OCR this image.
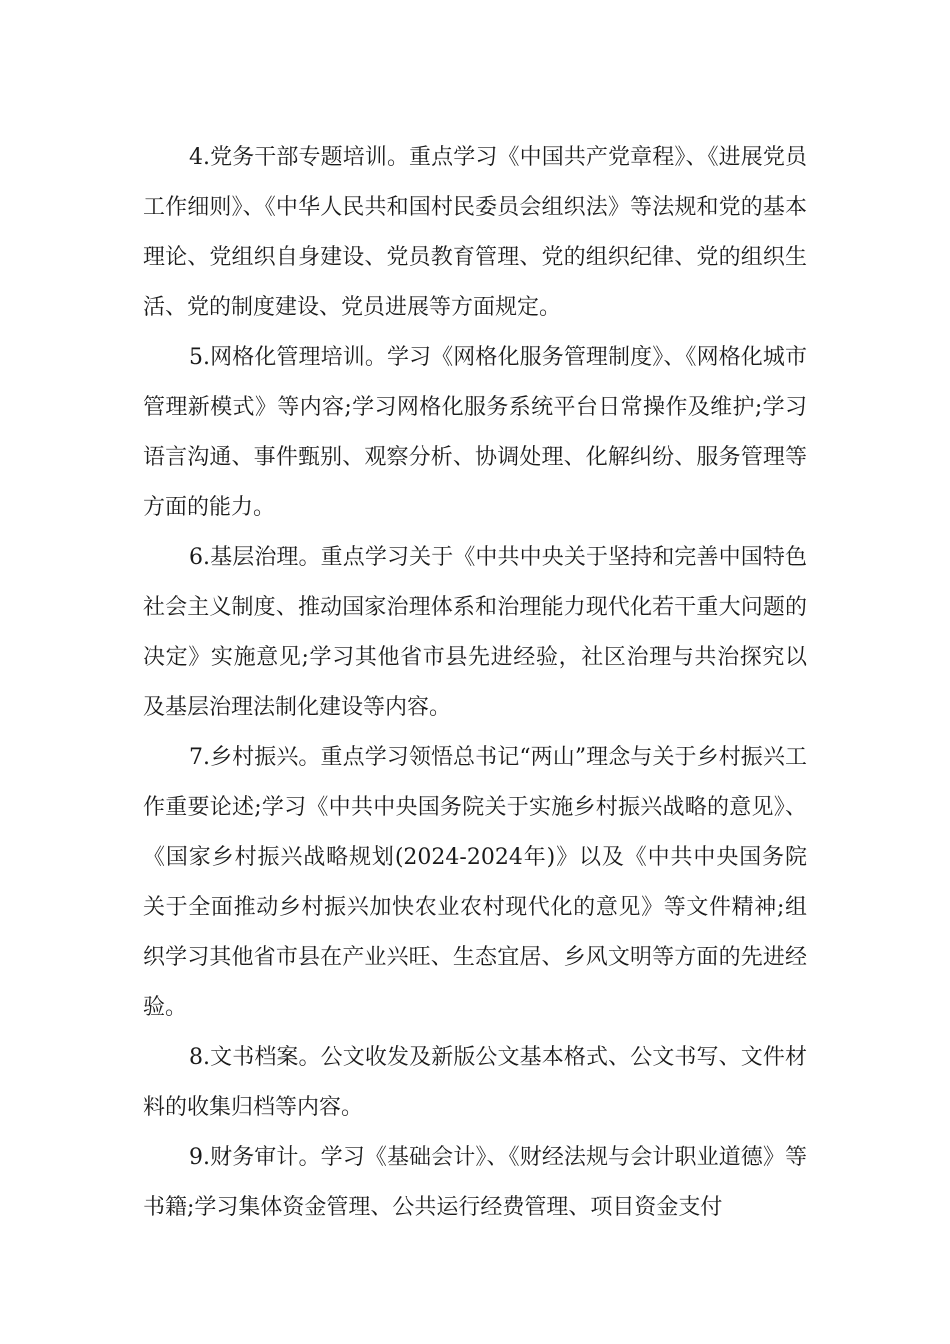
4.党务干部专题培训。重点学习《中国共产党章程》、《进展党员工作细则》、《中华人民共和国村民委员会组织法》等法规和党的基本理论、党组织自身建设、党员教育管理、党的组织纪律、党的组织生活、党的制度建设、党员进展等方面规定。

5.网格化管理培训。学习《网格化服务管理制度》、《网格化城市管理新模式》等内容;学习网格化服务系统平台日常操作及维护;学习语言沟通、事件甄别、观察分析、协调处理、化解纠纷、服务管理等方面的能力。

6.基层治理。重点学习关于《中共中央关于坚持和完善中国特色社会主义制度、推动国家治理体系和治理能力现代化若干重大问题的决定》实施意见;学习其他省市县先进经验，社区治理与共治探究以及基层治理法制化建设等内容。

7.乡村振兴。重点学习领悟总书记“两山”理念与关于乡村振兴工作重要论述;学习《中共中央国务院关于实施乡村振兴战略的意见》、《国家乡村振兴战略规划(2024-2024年)》以及《中共中央国务院关于全面推动乡村振兴加快农业农村现代化的意见》等文件精神;组织学习其他省市县在产业兴旺、生态宜居、乡风文明等方面的先进经验。

8.文书档案。公文收发及新版公文基本格式、公文书写、文件材料的收集归档等内容。

9.财务审计。学习《基础会计》、《财经法规与会计职业道德》等书籍;学习集体资金管理、公共运行经费管理、项目资金支付
